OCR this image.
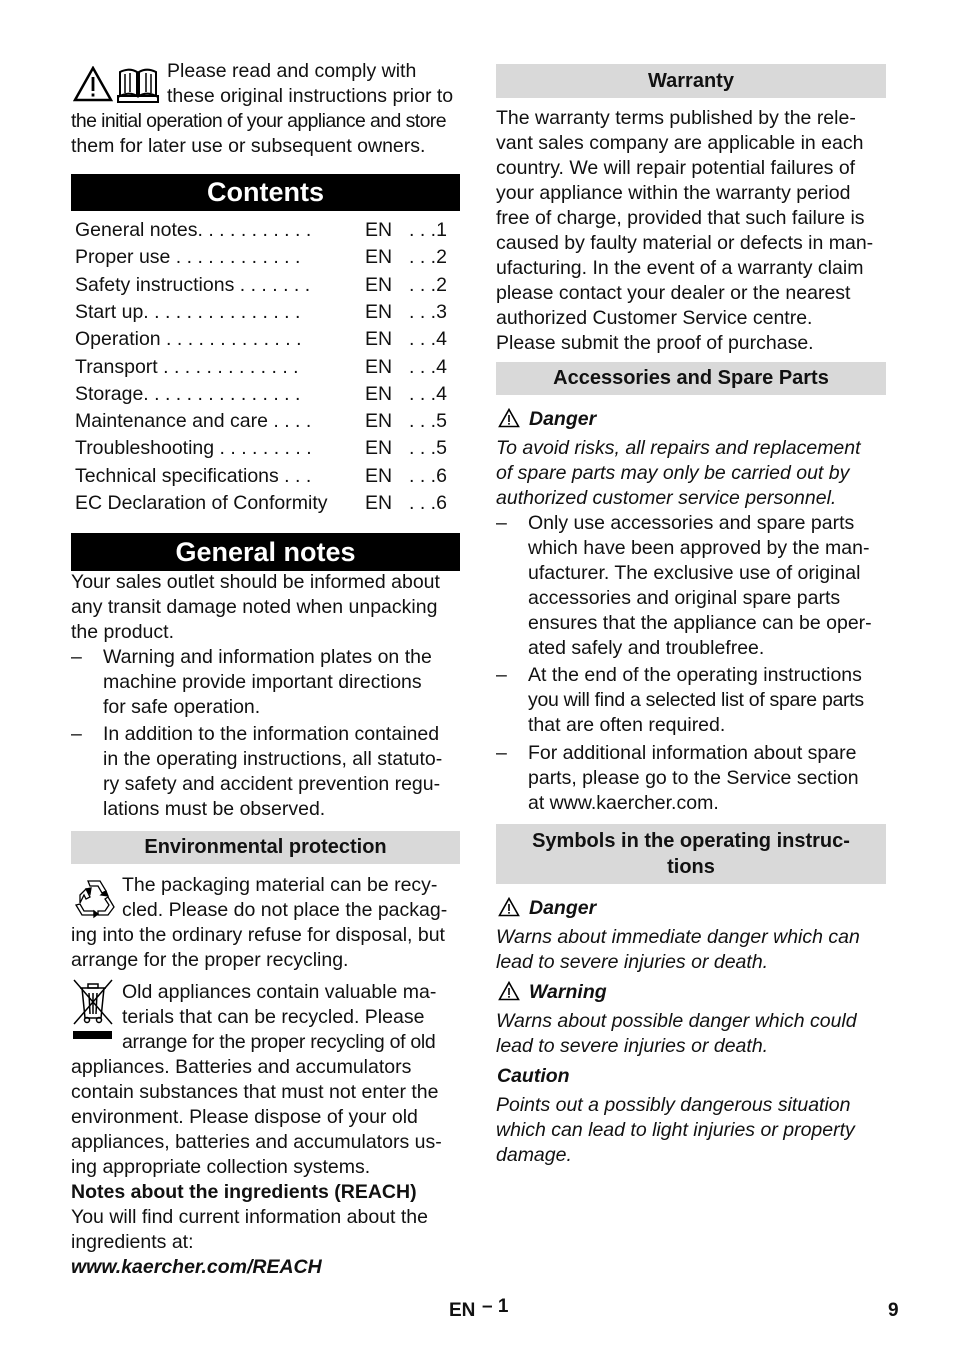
Please read and comply with

these original instructions prior to

the initial operation of your appliance and store

them for later use or subsequent owners.

Contents
General notes. . . . . . . . . . .	EN . . .1
Proper use . . . . . . . . . . . .	EN . . .2
Safety instructions . . . . . . .	EN . . .2
Start up. . . . . . . . . . . . . . .	EN . . .3
Operation . . . . . . . . . . . . .	EN . . .4
Transport . . . . . . . . . . . . .	EN . . .4
Storage. . . . . . . . . . . . . . .	EN . . .4
Maintenance and care . . . .	EN . . .5
Troubleshooting . . . . . . . . .	EN . . .5
Technical specifications . . .	EN . . .6
EC Declaration of Conformity EN . . .6
General notes

Your sales outlet should be informed about

any transit damage noted when unpacking

the product.

– Warning and information plates on the

machine provide important directions

for safe operation.

– In addition to the information contained

in the operating instructions, all statuto-

ry safety and accident prevention regu-

lations must be observed.

Environmental protection

The packaging material can be recy-

cled. Please do not place the packag-

ing into the ordinary refuse for disposal, but

arrange for the proper recycling.

Old appliances contain valuable ma-

terials that can be recycled. Please

arrange for the proper recycling of old

appliances. Batteries and accumulators

contain substances that must not enter the

environment. Please dispose of your old

appliances, batteries and accumulators us-

ing appropriate collection systems.

Notes about the ingredients (REACH)

You will find current information about the

ingredients at:

www.kaercher.com/REACH

Warranty

The warranty terms published by the rele-

vant sales company are applicable in each

country. We will repair potential failures of

your appliance within the warranty period

free of charge, provided that such failure is

caused by faulty material or defects in man-

ufacturing. In the event of a warranty claim

please contact your dealer or the nearest

authorized Customer Service centre.

Please submit the proof of purchase.

Accessories and Spare Parts

Danger

To avoid risks, all repairs and replacement

of spare parts may only be carried out by

authorized customer service personnel.

– Only use accessories and spare parts

which have been approved by the man-

ufacturer. The exclusive use of original

accessories and original spare parts

ensures that the appliance can be oper-

ated safely and troublefree.

– At the end of the operating instructions

you will find a selected list of spare parts

that are often required.

– For additional information about spare

parts, please go to the Service section

at www.kaercher.com.

Symbols in the operating instruc-
tions

Danger

Warns about immediate danger which can

lead to severe injuries or death.

Warning

Warns about possible danger which could

lead to severe injuries or death.

Caution

Points out a possibly dangerous situation

which can lead to light injuries or property

damage.

EN – 1	9
